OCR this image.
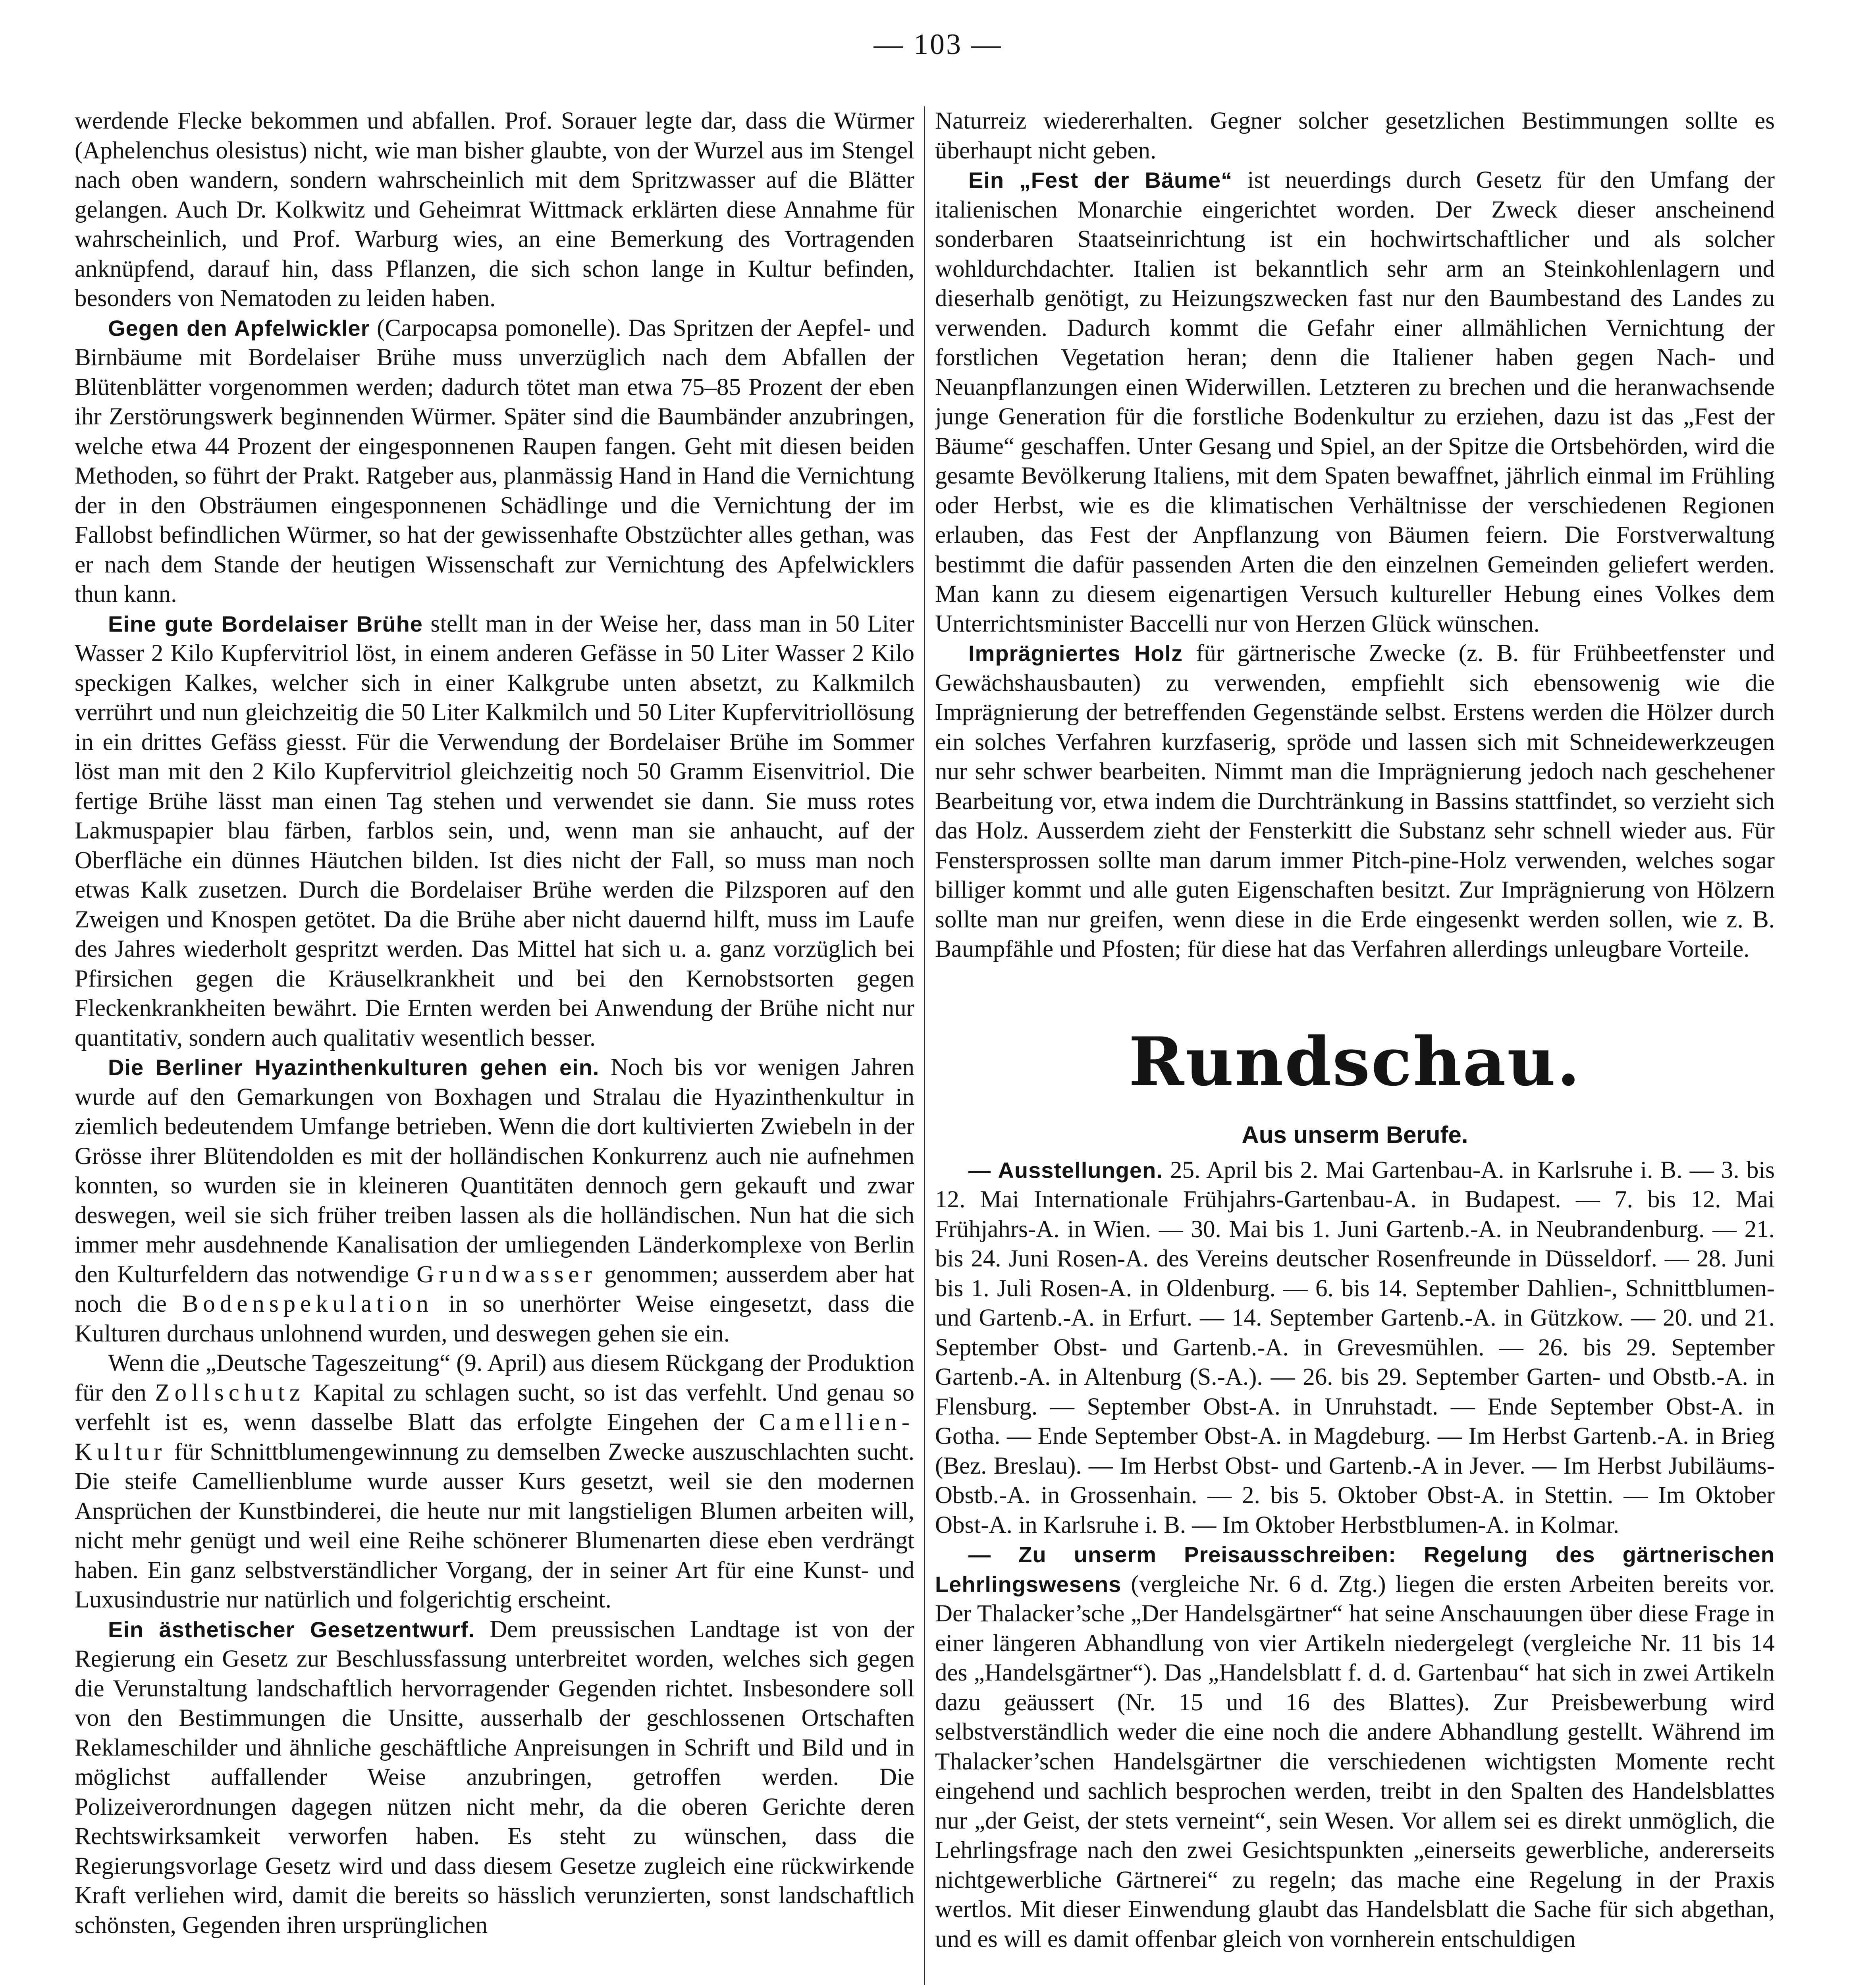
— 103 —

werdende Flecke bekommen und abfallen. Prof. Sorauer legte dar, dass die Würmer (Aphelenchus olesistus) nicht, wie man bisher glaubte, von der Wurzel aus im Stengel nach oben wandern, sondern wahrscheinlich mit dem Spritzwasser auf die Blätter gelangen. Auch Dr. Kolkwitz und Geheimrat Wittmack erklärten diese Annahme für wahrscheinlich, und Prof. Warburg wies, an eine Bemerkung des Vortragenden anknüpfend, darauf hin, dass Pflanzen, die sich schon lange in Kultur befinden, besonders von Nematoden zu leiden haben.

Gegen den Apfelwickler (Carpocapsa pomonelle). Das Spritzen der Aepfel- und Birnbäume mit Bordelaiser Brühe muss unverzüglich nach dem Abfallen der Blütenblätter vorgenommen werden; dadurch tötet man etwa 75–85 Prozent der eben ihr Zerstörungswerk beginnenden Würmer. Später sind die Baumbänder anzubringen, welche etwa 44 Prozent der eingesponnenen Raupen fangen. Geht mit diesen beiden Methoden, so führt der Prakt. Ratgeber aus, planmässig Hand in Hand die Vernichtung der in den Obsträumen eingesponnenen Schädlinge und die Vernichtung der im Fallobst befindlichen Würmer, so hat der gewissenhafte Obstzüchter alles gethan, was er nach dem Stande der heutigen Wissenschaft zur Vernichtung des Apfelwicklers thun kann.

Eine gute Bordelaiser Brühe stellt man in der Weise her, dass man in 50 Liter Wasser 2 Kilo Kupfervitriol löst, in einem anderen Gefässe in 50 Liter Wasser 2 Kilo speckigen Kalkes, welcher sich in einer Kalkgrube unten absetzt, zu Kalkmilch verrührt und nun gleichzeitig die 50 Liter Kalkmilch und 50 Liter Kupfervitriollösung in ein drittes Gefäss giesst. Für die Verwendung der Bordelaiser Brühe im Sommer löst man mit den 2 Kilo Kupfervitriol gleichzeitig noch 50 Gramm Eisenvitriol. Die fertige Brühe lässt man einen Tag stehen und verwendet sie dann. Sie muss rotes Lakmuspapier blau färben, farblos sein, und, wenn man sie anhaucht, auf der Oberfläche ein dünnes Häutchen bilden. Ist dies nicht der Fall, so muss man noch etwas Kalk zusetzen. Durch die Bordelaiser Brühe werden die Pilzsporen auf den Zweigen und Knospen getötet. Da die Brühe aber nicht dauernd hilft, muss im Laufe des Jahres wiederholt gespritzt werden. Das Mittel hat sich u. a. ganz vorzüglich bei Pfirsichen gegen die Kräuselkrankheit und bei den Kernobstsorten gegen Fleckenkrankheiten bewährt. Die Ernten werden bei Anwendung der Brühe nicht nur quantitativ, sondern auch qualitativ wesentlich besser.

Die Berliner Hyazinthenkulturen gehen ein. Noch bis vor wenigen Jahren wurde auf den Gemarkungen von Boxhagen und Stralau die Hyazinthenkultur in ziemlich bedeutendem Umfange betrieben. Wenn die dort kultivierten Zwiebeln in der Grösse ihrer Blütendolden es mit der holländischen Konkurrenz auch nie aufnehmen konnten, so wurden sie in kleineren Quantitäten dennoch gern gekauft und zwar deswegen, weil sie sich früher treiben lassen als die holländischen. Nun hat die sich immer mehr ausdehnende Kanalisation der umliegenden Länderkomplexe von Berlin den Kulturfeldern das notwendige Grundwasser genommen; ausserdem aber hat noch die Bodenspekulation in so unerhörter Weise eingesetzt, dass die Kulturen durchaus unlohnend wurden, und deswegen gehen sie ein.

Wenn die „Deutsche Tageszeitung“ (9. April) aus diesem Rückgang der Produktion für den Zollschutz Kapital zu schlagen sucht, so ist das verfehlt. Und genau so verfehlt ist es, wenn dasselbe Blatt das erfolgte Eingehen der Camellien-Kultur für Schnittblumengewinnung zu demselben Zwecke auszuschlachten sucht. Die steife Camellienblume wurde ausser Kurs gesetzt, weil sie den modernen Ansprüchen der Kunstbinderei, die heute nur mit langstieligen Blumen arbeiten will, nicht mehr genügt und weil eine Reihe schönerer Blumenarten diese eben verdrängt haben. Ein ganz selbstverständlicher Vorgang, der in seiner Art für eine Kunst- und Luxusindustrie nur natürlich und folgerichtig erscheint.

Ein ästhetischer Gesetzentwurf. Dem preussischen Landtage ist von der Regierung ein Gesetz zur Beschlussfassung unterbreitet worden, welches sich gegen die Verunstaltung landschaftlich hervorragender Gegenden richtet. Insbesondere soll von den Bestimmungen die Unsitte, ausserhalb der geschlossenen Ortschaften Reklameschilder und ähnliche geschäftliche Anpreisungen in Schrift und Bild und in möglichst auffallender Weise anzubringen, getroffen werden. Die Polizeiverordnungen dagegen nützen nicht mehr, da die oberen Gerichte deren Rechtswirksamkeit verworfen haben. Es steht zu wünschen, dass die Regierungsvorlage Gesetz wird und dass diesem Gesetze zugleich eine rückwirkende Kraft verliehen wird, damit die bereits so hässlich verunzierten, sonst landschaftlich schönsten, Gegenden ihren ursprünglichen

Naturreiz wiedererhalten. Gegner solcher gesetzlichen Bestimmungen sollte es überhaupt nicht geben.

Ein „Fest der Bäume“ ist neuerdings durch Gesetz für den Umfang der italienischen Monarchie eingerichtet worden. Der Zweck dieser anscheinend sonderbaren Staatseinrichtung ist ein hochwirtschaftlicher und als solcher wohldurchdachter. Italien ist bekanntlich sehr arm an Steinkohlenlagern und dieserhalb genötigt, zu Heizungszwecken fast nur den Baumbestand des Landes zu verwenden. Dadurch kommt die Gefahr einer allmählichen Vernichtung der forstlichen Vegetation heran; denn die Italiener haben gegen Nach- und Neuanpflanzungen einen Widerwillen. Letzteren zu brechen und die heranwachsende junge Generation für die forstliche Bodenkultur zu erziehen, dazu ist das „Fest der Bäume“ geschaffen. Unter Gesang und Spiel, an der Spitze die Ortsbehörden, wird die gesamte Bevölkerung Italiens, mit dem Spaten bewaffnet, jährlich einmal im Frühling oder Herbst, wie es die klimatischen Verhältnisse der verschiedenen Regionen erlauben, das Fest der Anpflanzung von Bäumen feiern. Die Forstverwaltung bestimmt die dafür passenden Arten die den einzelnen Gemeinden geliefert werden. Man kann zu diesem eigenartigen Versuch kultureller Hebung eines Volkes dem Unterrichtsminister Baccelli nur von Herzen Glück wünschen.

Imprägniertes Holz für gärtnerische Zwecke (z. B. für Frühbeetfenster und Gewächshausbauten) zu verwenden, empfiehlt sich ebensowenig wie die Imprägnierung der betreffenden Gegenstände selbst. Erstens werden die Hölzer durch ein solches Verfahren kurzfaserig, spröde und lassen sich mit Schneidewerkzeugen nur sehr schwer bearbeiten. Nimmt man die Imprägnierung jedoch nach geschehener Bearbeitung vor, etwa indem die Durchtränkung in Bassins stattfindet, so verzieht sich das Holz. Ausserdem zieht der Fensterkitt die Substanz sehr schnell wieder aus. Für Fenstersprossen sollte man darum immer Pitch-pine-Holz verwenden, welches sogar billiger kommt und alle guten Eigenschaften besitzt. Zur Imprägnierung von Hölzern sollte man nur greifen, wenn diese in die Erde eingesenkt werden sollen, wie z. B. Baumpfähle und Pfosten; für diese hat das Verfahren allerdings unleugbare Vorteile.

Rundschau.
Aus unserm Berufe.

— Ausstellungen. 25. April bis 2. Mai Gartenbau-A. in Karlsruhe i. B. — 3. bis 12. Mai Internationale Frühjahrs-Gartenbau-A. in Budapest. — 7. bis 12. Mai Frühjahrs-A. in Wien. — 30. Mai bis 1. Juni Gartenb.-A. in Neubrandenburg. — 21. bis 24. Juni Rosen-A. des Vereins deutscher Rosenfreunde in Düsseldorf. — 28. Juni bis 1. Juli Rosen-A. in Oldenburg. — 6. bis 14. September Dahlien-, Schnittblumen- und Gartenb.-A. in Erfurt. — 14. September Gartenb.-A. in Gützkow. — 20. und 21. September Obst- und Gartenb.-A. in Grevesmühlen. — 26. bis 29. September Gartenb.-A. in Altenburg (S.-A.). — 26. bis 29. September Garten- und Obstb.-A. in Flensburg. — September Obst-A. in Unruhstadt. — Ende September Obst-A. in Gotha. — Ende September Obst-A. in Magdeburg. — Im Herbst Gartenb.-A. in Brieg (Bez. Breslau). — Im Herbst Obst- und Gartenb.-A in Jever. — Im Herbst Jubiläums-Obstb.-A. in Grossenhain. — 2. bis 5. Oktober Obst-A. in Stettin. — Im Oktober Obst-A. in Karlsruhe i. B. — Im Oktober Herbstblumen-A. in Kolmar.

— Zu unserm Preisausschreiben: Regelung des gärtnerischen Lehrlingswesens (vergleiche Nr. 6 d. Ztg.) liegen die ersten Arbeiten bereits vor. Der Thalacker’sche „Der Handelsgärtner“ hat seine Anschauungen über diese Frage in einer längeren Abhandlung von vier Artikeln niedergelegt (vergleiche Nr. 11 bis 14 des „Handelsgärtner“). Das „Handelsblatt f. d. d. Gartenbau“ hat sich in zwei Artikeln dazu geäussert (Nr. 15 und 16 des Blattes). Zur Preisbewerbung wird selbstverständlich weder die eine noch die andere Abhandlung gestellt. Während im Thalacker’schen Handelsgärtner die verschiedenen wichtigsten Momente recht eingehend und sachlich besprochen werden, treibt in den Spalten des Handelsblattes nur „der Geist, der stets verneint“, sein Wesen. Vor allem sei es direkt unmöglich, die Lehrlingsfrage nach den zwei Gesichtspunkten „einerseits gewerbliche, andererseits nichtgewerbliche Gärtnerei“ zu regeln; das mache eine Regelung in der Praxis wertlos. Mit dieser Einwendung glaubt das Handelsblatt die Sache für sich abgethan, und es will es damit offenbar gleich von vornherein entschuldigen
